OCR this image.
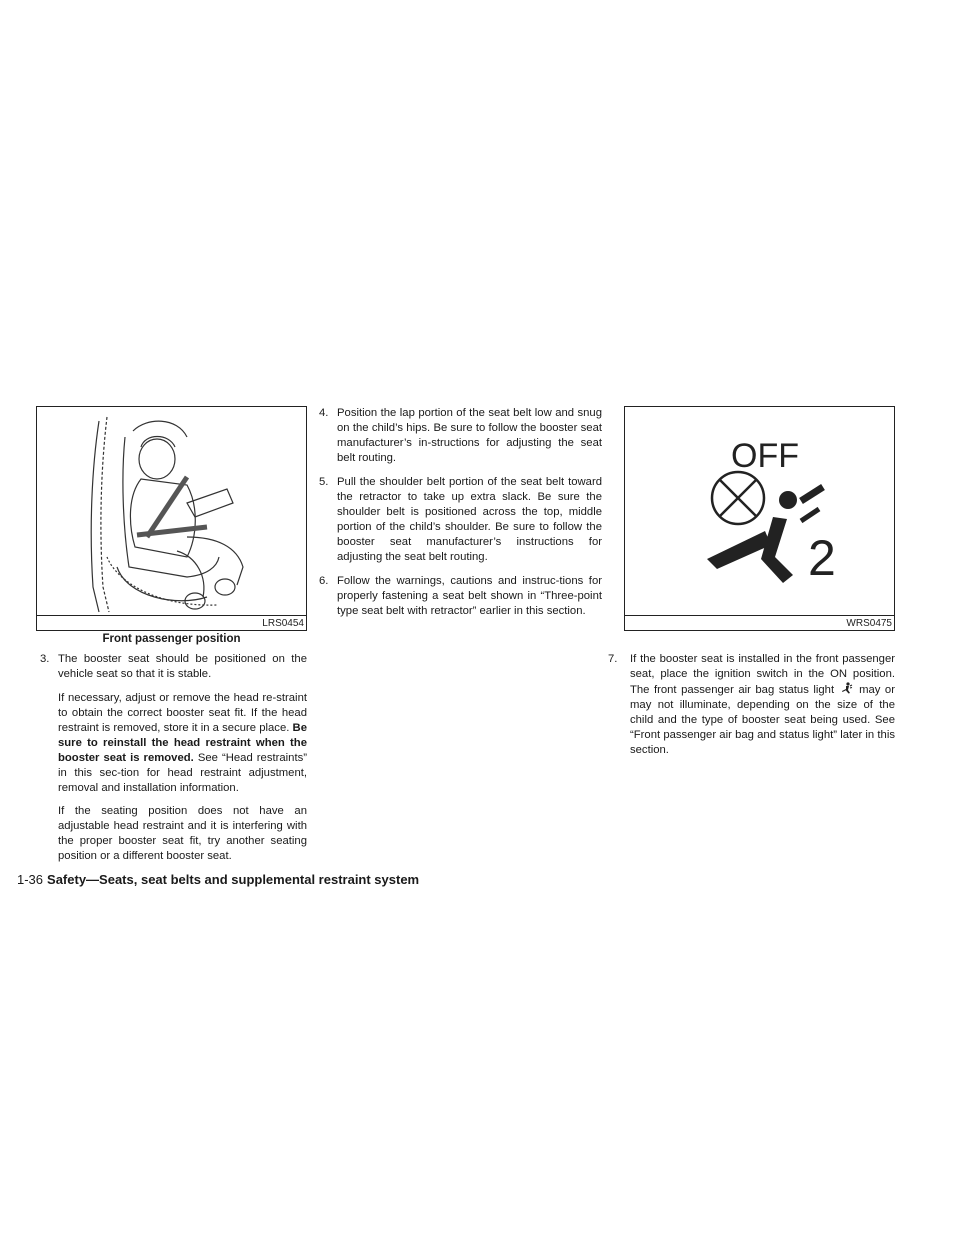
LRS0454
Front passenger position
OFF
2
WRS0475
3. The booster seat should be positioned on the vehicle seat so that it is stable.

If necessary, adjust or remove the head re-straint to obtain the correct booster seat fit. If the head restraint is removed, store it in a secure place. Be sure to reinstall the head restraint when the booster seat is removed. See “Head restraints” in this sec-tion for head restraint adjustment, removal and installation information.

If the seating position does not have an adjustable head restraint and it is interfering with the proper booster seat fit, try another seating position or a different booster seat.

4. Position the lap portion of the seat belt low and snug on the child’s hips. Be sure to follow the booster seat manufacturer’s in-structions for adjusting the seat belt routing.
5. Pull the shoulder belt portion of the seat belt toward the retractor to take up extra slack. Be sure the shoulder belt is positioned across the top, middle portion of the child’s shoulder. Be sure to follow the booster seat manufacturer’s instructions for adjusting the seat belt routing.
6. Follow the warnings, cautions and instruc-tions for properly fastening a seat belt shown in “Three-point type seat belt with retractor” earlier in this section.
7. If the booster seat is installed in the front passenger seat, place the ignition switch in the ON position. The front passenger air bag status light  may or may not illuminate, depending on the size of the child and the type of booster seat being used. See “Front passenger air bag and status light” later in this section.
1-36 Safety—Seats, seat belts and supplemental restraint system
